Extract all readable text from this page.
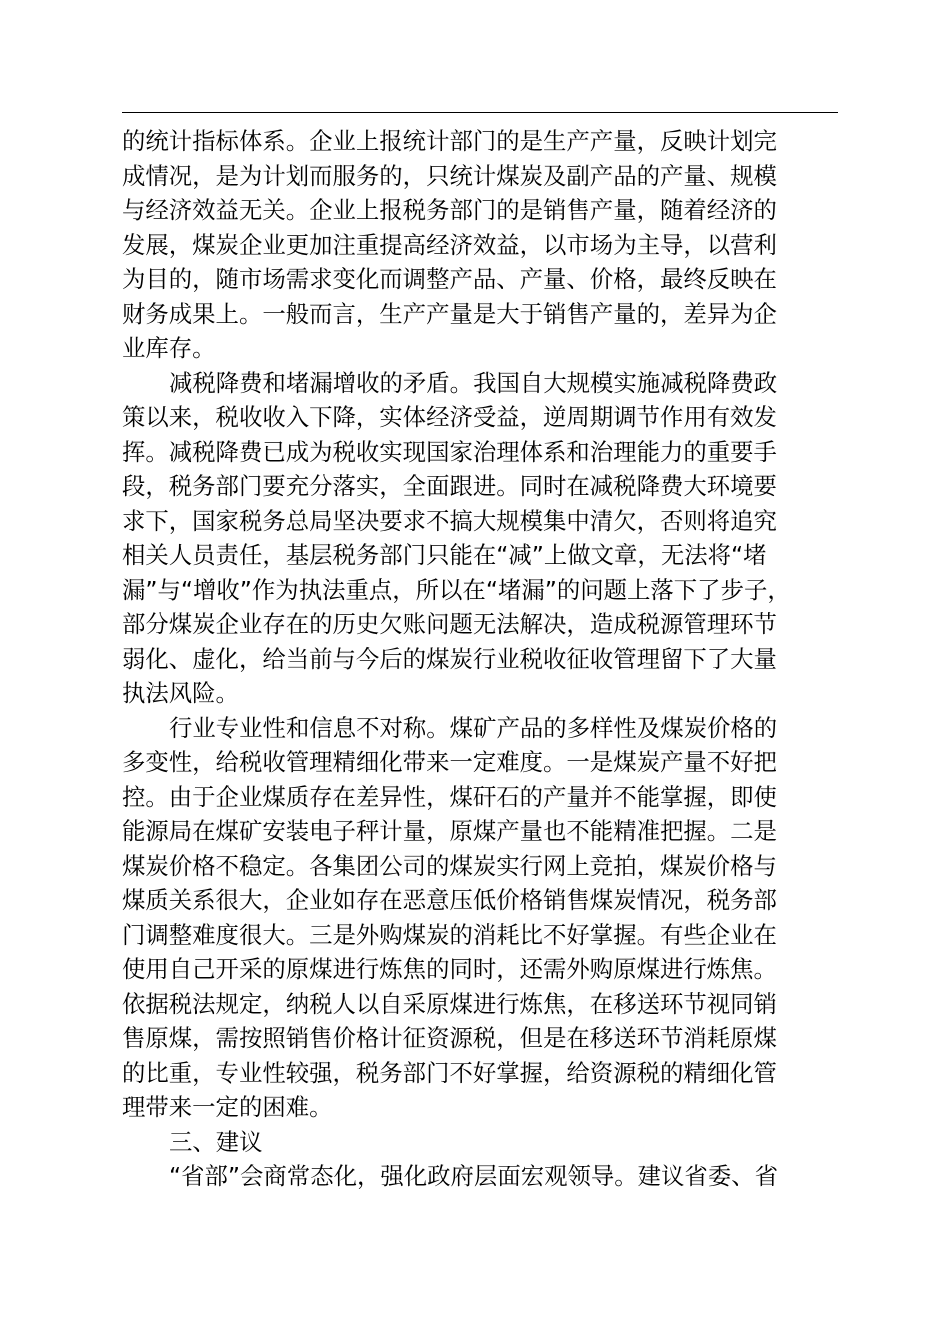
的统计指标体系。企业上报统计部门的是生产产量，反映计划完
成情况，是为计划而服务的，只统计煤炭及副产品的产量、规模
与经济效益无关。企业上报税务部门的是销售产量，随着经济的
发展，煤炭企业更加注重提高经济效益，以市场为主导，以营利
为目的，随市场需求变化而调整产品、产量、价格，最终反映在
财务成果上。一般而言，生产产量是大于销售产量的，差异为企
业库存。
减税降费和堵漏增收的矛盾。我国自大规模实施减税降费政
策以来，税收收入下降，实体经济受益，逆周期调节作用有效发
挥。减税降费已成为税收实现国家治理体系和治理能力的重要手
段，税务部门要充分落实，全面跟进。同时在减税降费大环境要
求下，国家税务总局坚决要求不搞大规模集中清欠，否则将追究
相关人员责任，基层税务部门只能在“减”上做文章，无法将“堵
漏”与“增收”作为执法重点，所以在“堵漏”的问题上落下了步子，
部分煤炭企业存在的历史欠账问题无法解决，造成税源管理环节
弱化、虚化，给当前与今后的煤炭行业税收征收管理留下了大量
执法风险。
行业专业性和信息不对称。煤矿产品的多样性及煤炭价格的
多变性，给税收管理精细化带来一定难度。一是煤炭产量不好把
控。由于企业煤质存在差异性，煤矸石的产量并不能掌握，即使
能源局在煤矿安装电子秤计量，原煤产量也不能精准把握。二是
煤炭价格不稳定。各集团公司的煤炭实行网上竞拍，煤炭价格与
煤质关系很大，企业如存在恶意压低价格销售煤炭情况，税务部
门调整难度很大。三是外购煤炭的消耗比不好掌握。有些企业在
使用自己开采的原煤进行炼焦的同时，还需外购原煤进行炼焦。
依据税法规定，纳税人以自采原煤进行炼焦，在移送环节视同销
售原煤，需按照销售价格计征资源税，但是在移送环节消耗原煤
的比重，专业性较强，税务部门不好掌握，给资源税的精细化管
理带来一定的困难。
三、建议
“省部”会商常态化，强化政府层面宏观领导。建议省委、省
